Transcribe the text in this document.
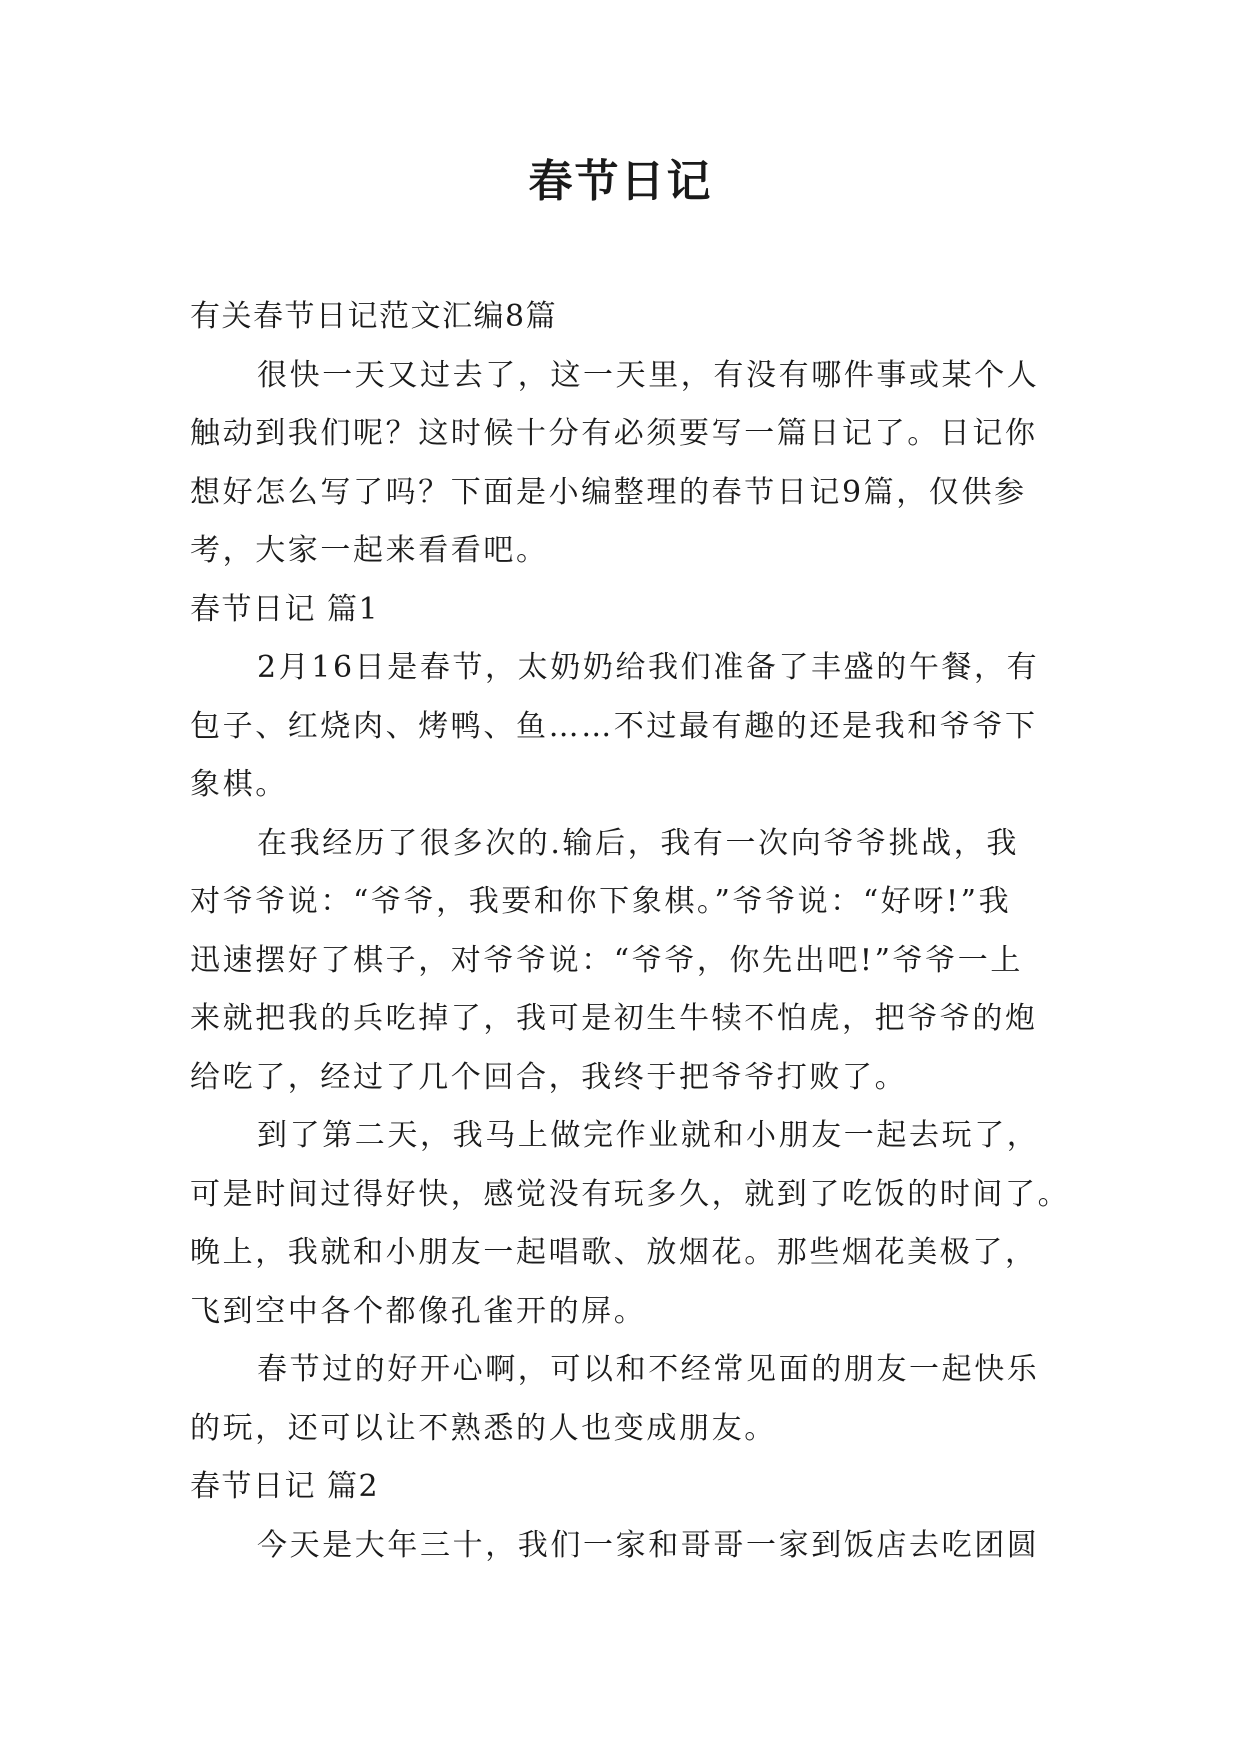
春节日记
有关春节日记范文汇编8篇
很快一天又过去了，这一天里，有没有哪件事或某个人
触动到我们呢？这时候十分有必须要写一篇日记了。日记你
想好怎么写了吗？下面是小编整理的春节日记9篇，仅供参
考，大家一起来看看吧。
春节日记 篇1
2月16日是春节，太奶奶给我们准备了丰盛的午餐，有
包子、红烧肉、烤鸭、鱼……不过最有趣的还是我和爷爷下
象棋。
在我经历了很多次的.输后，我有一次向爷爷挑战，我
对爷爷说：“爷爷，我要和你下象棋。”爷爷说：“好呀!”我
迅速摆好了棋子，对爷爷说：“爷爷，你先出吧!”爷爷一上
来就把我的兵吃掉了，我可是初生牛犊不怕虎，把爷爷的炮
给吃了，经过了几个回合，我终于把爷爷打败了。
到了第二天，我马上做完作业就和小朋友一起去玩了，
可是时间过得好快，感觉没有玩多久，就到了吃饭的时间了。
晚上，我就和小朋友一起唱歌、放烟花。那些烟花美极了，
飞到空中各个都像孔雀开的屏。
春节过的好开心啊，可以和不经常见面的朋友一起快乐
的玩，还可以让不熟悉的人也变成朋友。
春节日记 篇2
今天是大年三十，我们一家和哥哥一家到饭店去吃团圆
